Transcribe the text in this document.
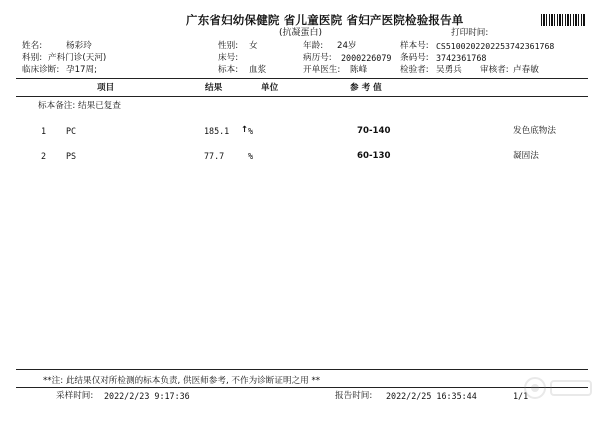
广东省妇幼保健院 省儿童医院 省妇产医院检验报告单
(抗凝蛋白)	打印时间:
姓名:	杨彩玲
科别: 产科门诊(天河)
临床诊断: 孕17周;
性别: 女
床号:
标本: 血浆
年龄: 24岁
病历号: 2000226079
开单医生: 陈峰
样本号: CS5100202202253742361768
条码号: 3742361768
检验者: 吴勇兵 审核者: 卢春敏
项目	结果	单位	参 考 值
标本备注: 结果已复查
1 PC	185.1 ↑ %	70-140	发色底物法
2 PS	77.7	%	60-130	凝固法
**注: 此结果仅对所检测的标本负责, 供医师参考, 不作为诊断证明之用 **
采样时间: 2022/2/23 9:17:36	报告时间: 2022/2/25 16:35:44	1/1
